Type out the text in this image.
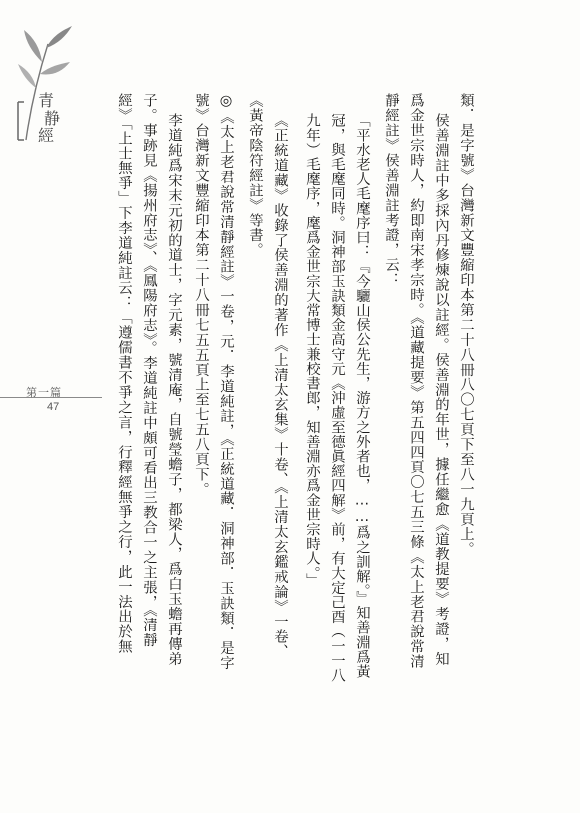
青
静
經
第一篇
47	類．是字號》台灣新文豐縮印本第二十八冊八〇七頁下至八一九頁上。
侯善淵註中多採內丹修煉說以註經。侯善淵的年世，據任繼愈《道教提要》考證，知
爲金世宗時人，約即南宋孝宗時。《道藏提要》第五四四頁〇七五三條《太上老君說常清
靜經註》侯善淵註考證，云：
「平水老人毛麾序曰：『今驪山侯公先生，游方之外者也，……爲之訓解。』知善淵爲黃
冠，與毛麾同時。洞神部玉訣類金高守元《沖虛至德眞經四解》前，有大定己酉（一一八
九年）毛麾序，麾爲金世宗大常博士兼校書郎，知善淵亦爲金世宗時人。」
《正統道藏》收錄了侯善淵的著作《上清太玄集》十卷、《上清太玄鑑戒論》一卷、
《黃帝陰符經註》等書。
◎《太上老君說常清靜經註》一卷，元．李道純註，《正統道藏．洞神部．玉訣類．是字
號》台灣新文豐縮印本第二十八冊七五五頁上至七五八頁下。
李道純爲宋末元初的道士，字元素，號清庵，自號瑩蟾子，都梁人，爲白玉蟾再傳弟
子。事跡見《揚州府志》、《鳳陽府志》。李道純註中頗可看出三教合一之主張，《清靜
經》「上士無爭」下李道純註云：「遵儒書不爭之言，行釋經無爭之行，此一法出於無
